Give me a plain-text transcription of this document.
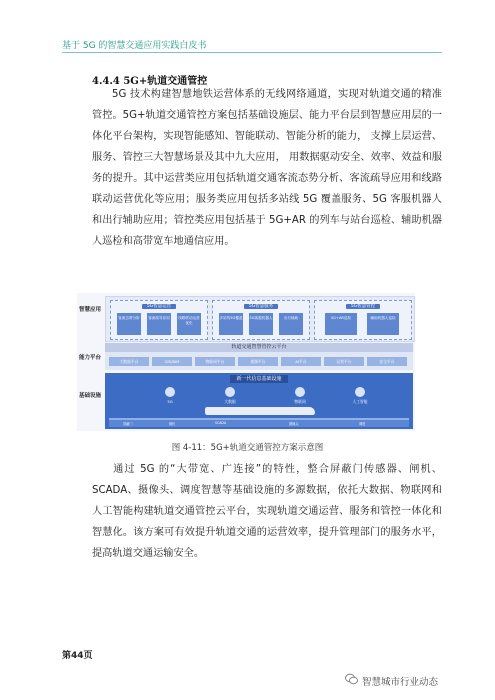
基于 5G 的智慧交通应用实践白皮书
4.4.4 5G+轨道交通管控

5G 技术构建智慧地铁运营体系的无线网络通道，实现对轨道交通的精准管控。5G+轨道交通管控方案包括基础设施层、能力平台层到智慧应用层的一体化平台架构，实现智能感知、智能联动、智能分析的能力， 支撑上层运营、服务、管控三大智慧场景及其中九大应用， 用数据驱动安全、效率、效益和服务的提升。其中运营类应用包括轨道交通客流态势分析、客流疏导应用和线路联动运营优化等应用；服务类应用包括多站线 5G 覆盖服务、5G 客服机器人和出行辅助应用；管控类应用包括基于 5G+AR 的列车与站台巡检、辅助机器人巡检和高带宽车地通信应用。

智慧应用
能力平台
基础设施
5G智慧运营
客流态势分析	客流疏导应用	线路联动运营优化
5G智慧服务
多站线5G覆盖 5G客服机器人	出行辅助
5G智慧管控
5G+AR巡检	辅助机器人巡检
轨道交通智慧管控云平台
大数据平台	GIS/BIM	物联网平台	视频平台	AI平台	运营平台	安全平台
新一代信息基础设施
5G	大数据	物联网	人工智能
屏蔽门	闸机	SCADA	摄像头	调度
图 4-11：5G+轨道交通管控方案示意图

通过 5G 的“大带宽、广连接”的特性，整合屏蔽门传感器、闸机、SCADA、摄像头、调度智慧等基础设施的多源数据，依托大数据、物联网和人工智能构建轨道交通管控云平台，实现轨道交通运营、服务和管控一体化和智慧化。该方案可有效提升轨道交通的运营效率，提升管理部门的服务水平，提高轨道交通运输安全。

第44页
智慧城市行业动态
